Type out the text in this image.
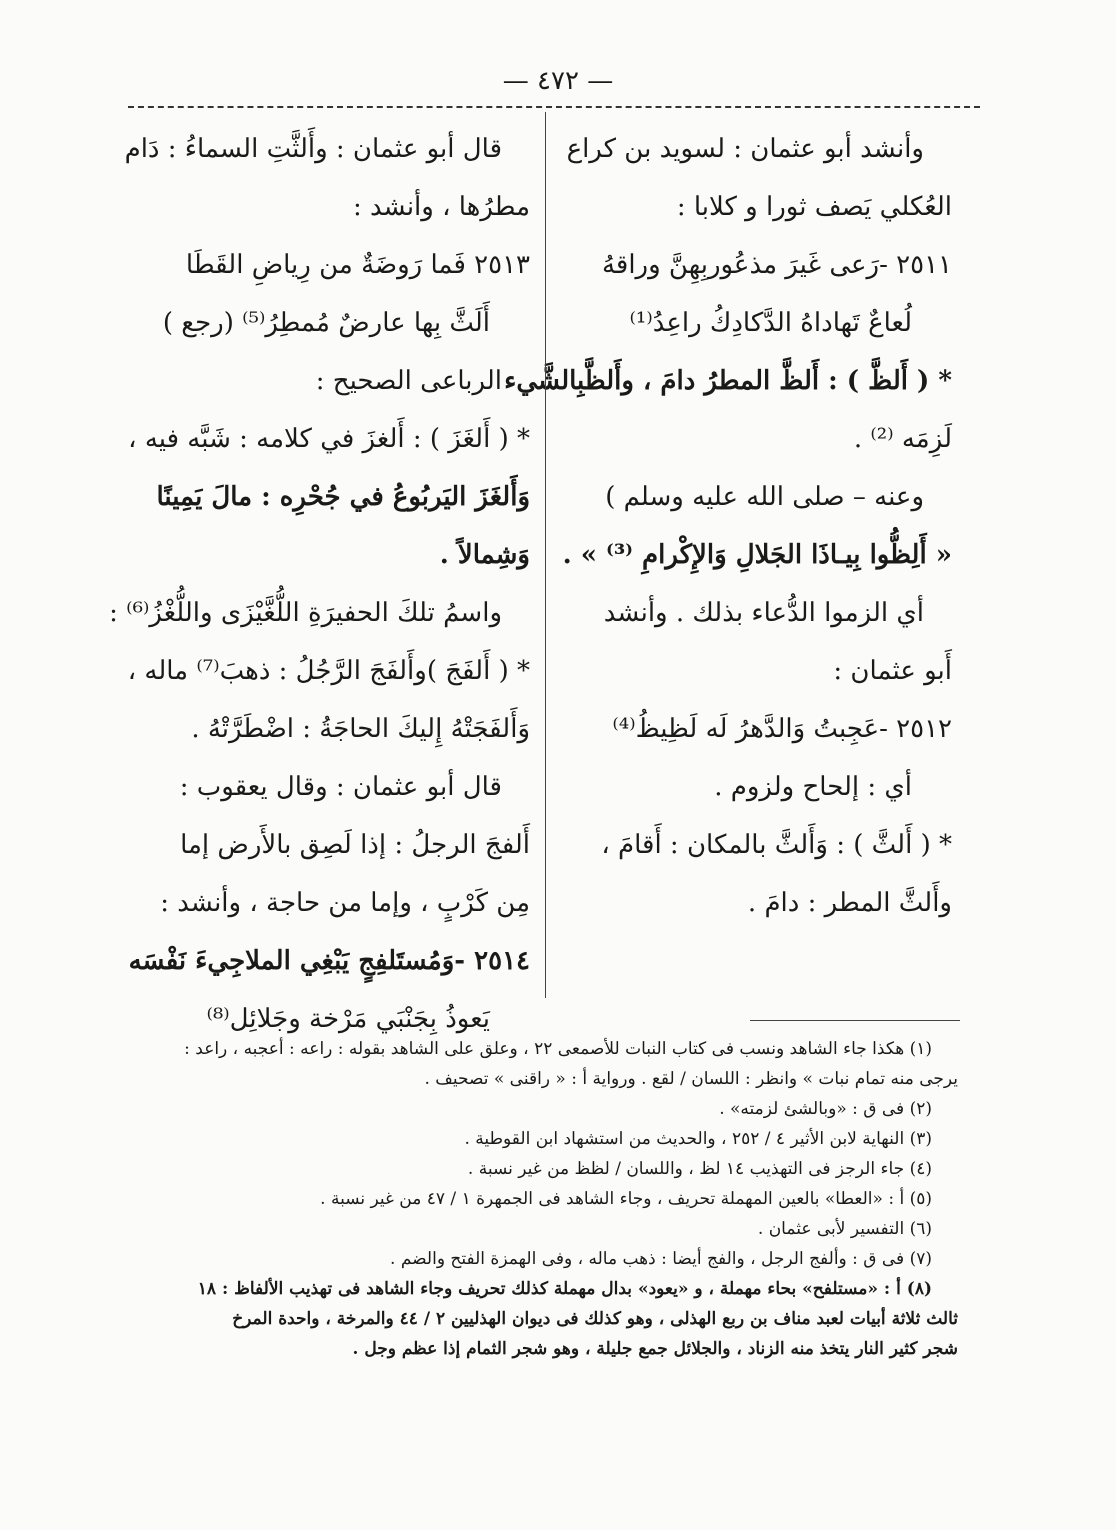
— ٤٧٢ —
وأنشد أبو عثمان : لسويد بن كراع
العُكلي يَصف ثورا و كلابا :
٢٥١١ -رَعى غَيرَ مذعُوربِهِنَّ وراقهُ
لُعاعٌ تَهاداهُ الدَّكادِكُ راعِدُ⁽¹⁾
* ( أَلظَّ ) : أَلظَّ المطرُ دامَ ، وأَلظَّبِالشَّيء
لَزِمَه ⁽²⁾ .
وعنه – صلى الله عليه وسلم )
« أَلِظُّوا بِيـاذَا الجَلالِ وَالإِكْرامِ ⁽³⁾ » .
أي الزموا الدُّعاء بذلك . وأنشد
أَبو عثمان :
٢٥١٢ -عَجِبتُ وَالدَّهرُ لَه لَظِيظُ⁽⁴⁾
أي : إلحاح ولزوم .
* ( أَلثَّ ) : وَأَلثَّ بالمكان : أَقامَ ،
وأَلثَّ المطر : دامَ .
قال أبو عثمان : وأَلثَّتِ السماءُ : دَام
مطرُها ، وأنشد :
٢٥١٣ فَما رَوضَةٌ من رِياضِ القَطَا
أَلَثَّ بِها عارضٌ مُمطِرُ⁽⁵⁾ (رجع )
الرباعى الصحيح :
* ( أَلغَزَ ) : أَلغزَ في كلامه : شَبَّه فيه ،
وَأَلغَزَ اليَربُوعُ في جُحْرِه : مالَ يَمِينًا
وَشِمالاً .
واسمُ تلكَ الحفيرَةِ اللُّغَّيْزَى واللُّغْزُ⁽⁶⁾ :
* ( أَلفَجَ )وأَلفَجَ الرَّجُلُ : ذهبَ⁽⁷⁾ ماله ،
وَأَلفَجَتْهُ إِليكَ الحاجَةُ : اضْطَرَّتْهُ .
قال أبو عثمان : وقال يعقوب :
أَلفجَ الرجلُ : إذا لَصِق بالأَرض إما
مِن كَرْبٍ ، وإما من حاجة ، وأنشد :
٢٥١٤ -وَمُستَلفِجٍ يَبْغِي الملاجِيءَ نَفْسَه
يَعوذُ بِجَنْبَي مَرْخة وجَلائِل⁽⁸⁾
(١) هكذا جاء الشاهد ونسب فى كتاب النبات للأصمعى ٢٢ ، وعلق على الشاهد بقوله : راعه : أعجبه ، راعد :
يرجى منه تمام نبات » وانظر : اللسان / لقع . ورواية أ : « راقنى » تصحيف .
(٢) فى ق : «وبالشئ لزمته» .
(٣) النهاية لابن الأثير ٤ / ٢٥٢ ، والحديث من استشهاد ابن القوطية .
(٤) جاء الرجز فى التهذيب ١٤ لظ ، واللسان / لظظ من غير نسبة .
(٥) أ : «العطا» بالعين المهملة تحريف ، وجاء الشاهد فى الجمهرة ١ / ٤٧ من غير نسبة .
(٦) التفسير لأبى عثمان .
(٧) فى ق : وألفج الرجل ، والفج أيضا : ذهب ماله ، وفى الهمزة الفتح والضم .
(٨) أ : «مستلفح» بحاء مهملة ، و «يعود» بدال مهملة كذلك تحريف وجاء الشاهد فى تهذيب الألفاظ : ١٨
ثالث ثلاثة أبيات لعبد مناف بن ربع الهذلى ، وهو كذلك فى ديوان الهذليين ٢ / ٤٤ والمرخة ، واحدة المرخ
شجر كثير النار يتخذ منه الزناد ، والجلائل جمع جليلة ، وهو شجر الثمام إذا عظم وجل .
